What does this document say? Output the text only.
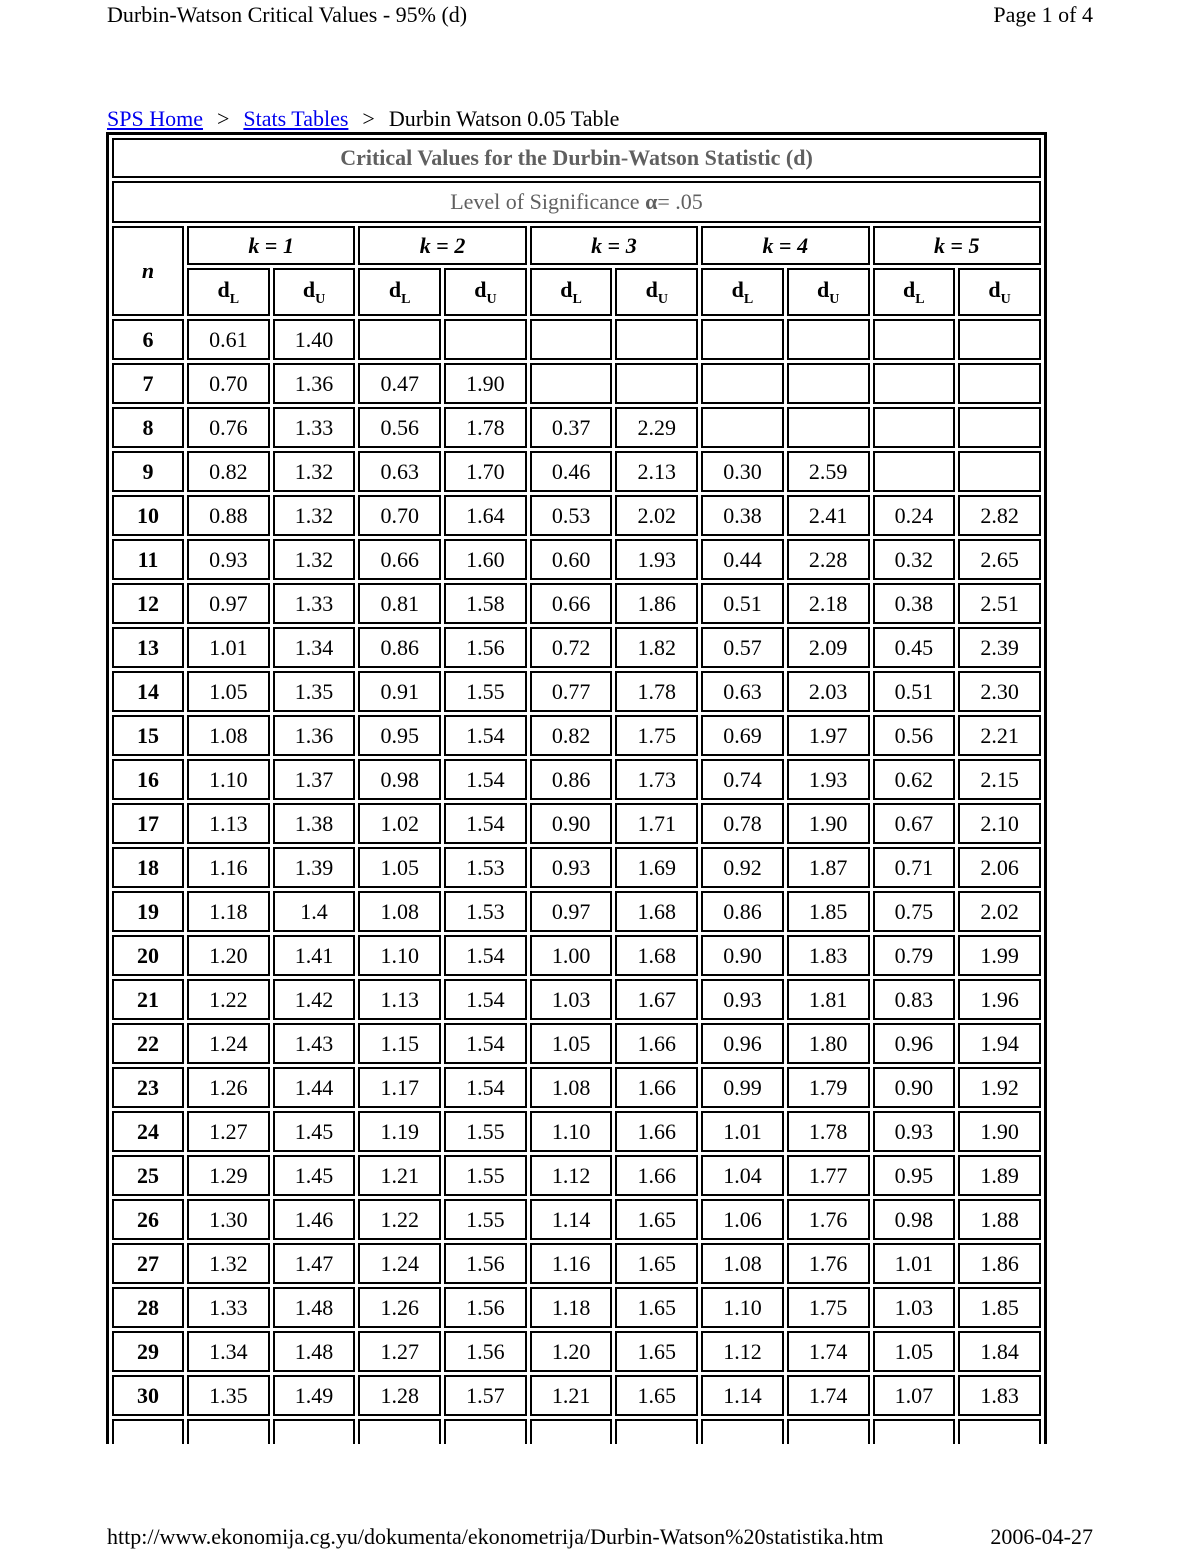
Durbin-Watson Critical Values - 95% (d)	Page 1 of 4
SPS Home > Stats Tables > Durbin Watson 0.05 Table
Critical Values for the Durbin-Watson Statistic (d)										
Level of Significance α= .05										
n	k = 1		k = 2		k = 3		k = 4		k = 5	
	$d_L$	$d_U$	$d_L$	$d_U$	$d_L$	$d_U$	$d_L$	$d_U$	$d_L$	$d_U$
6	0.61	1.40								
7	0.70	1.36	0.47	1.90						
8	0.76	1.33	0.56	1.78	0.37	2.29				
9	0.82	1.32	0.63	1.70	0.46	2.13	0.30	2.59		
10	0.88	1.32	0.70	1.64	0.53	2.02	0.38	2.41	0.24	2.82
11	0.93	1.32	0.66	1.60	0.60	1.93	0.44	2.28	0.32	2.65
12	0.97	1.33	0.81	1.58	0.66	1.86	0.51	2.18	0.38	2.51
13	1.01	1.34	0.86	1.56	0.72	1.82	0.57	2.09	0.45	2.39
14	1.05	1.35	0.91	1.55	0.77	1.78	0.63	2.03	0.51	2.30
15	1.08	1.36	0.95	1.54	0.82	1.75	0.69	1.97	0.56	2.21
16	1.10	1.37	0.98	1.54	0.86	1.73	0.74	1.93	0.62	2.15
17	1.13	1.38	1.02	1.54	0.90	1.71	0.78	1.90	0.67	2.10
18	1.16	1.39	1.05	1.53	0.93	1.69	0.92	1.87	0.71	2.06
19	1.18	1.4	1.08	1.53	0.97	1.68	0.86	1.85	0.75	2.02
20	1.20	1.41	1.10	1.54	1.00	1.68	0.90	1.83	0.79	1.99
21	1.22	1.42	1.13	1.54	1.03	1.67	0.93	1.81	0.83	1.96
22	1.24	1.43	1.15	1.54	1.05	1.66	0.96	1.80	0.96	1.94
23	1.26	1.44	1.17	1.54	1.08	1.66	0.99	1.79	0.90	1.92
24	1.27	1.45	1.19	1.55	1.10	1.66	1.01	1.78	0.93	1.90
25	1.29	1.45	1.21	1.55	1.12	1.66	1.04	1.77	0.95	1.89
26	1.30	1.46	1.22	1.55	1.14	1.65	1.06	1.76	0.98	1.88
27	1.32	1.47	1.24	1.56	1.16	1.65	1.08	1.76	1.01	1.86
28	1.33	1.48	1.26	1.56	1.18	1.65	1.10	1.75	1.03	1.85
29	1.34	1.48	1.27	1.56	1.20	1.65	1.12	1.74	1.05	1.84
30	1.35	1.49	1.28	1.57	1.21	1.65	1.14	1.74	1.07	1.83

http://www.ekonomija.cg.yu/dokumenta/ekonometrija/Durbin-Watson%20statistika.htm	2006-04-27
